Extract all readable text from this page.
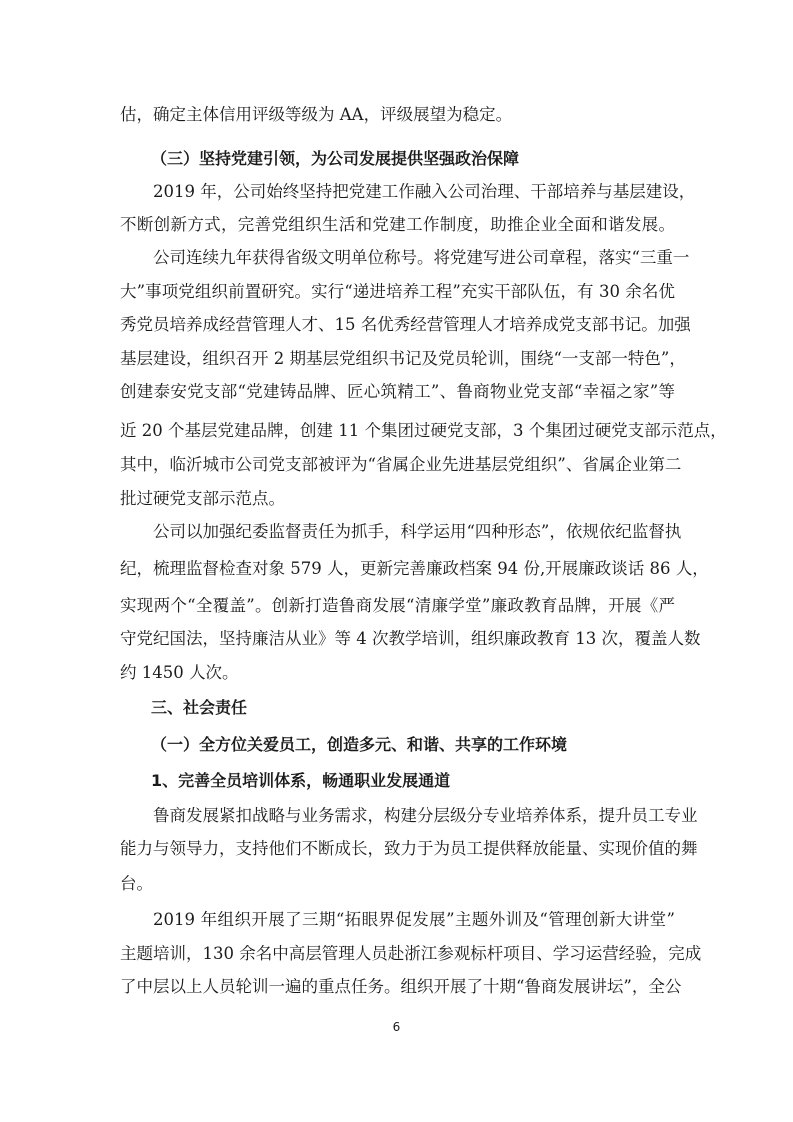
估，确定主体信用评级等级为 AA，评级展望为稳定。
（三）坚持党建引领，为公司发展提供坚强政治保障
2019 年，公司始终坚持把党建工作融入公司治理、干部培养与基层建设，
不断创新方式，完善党组织生活和党建工作制度，助推企业全面和谐发展。
公司连续九年获得省级文明单位称号。将党建写进公司章程，落实“三重一
大”事项党组织前置研究。实行“递进培养工程”充实干部队伍，有 30 余名优
秀党员培养成经营管理人才、15 名优秀经营管理人才培养成党支部书记。加强
基层建设，组织召开 2 期基层党组织书记及党员轮训，围绕“一支部一特色”，
创建泰安党支部“党建铸品牌、匠心筑精工”、鲁商物业党支部“幸福之家”等
近 20 个基层党建品牌，创建 11 个集团过硬党支部，3 个集团过硬党支部示范点，
其中，临沂城市公司党支部被评为“省属企业先进基层党组织”、省属企业第二
批过硬党支部示范点。
公司以加强纪委监督责任为抓手，科学运用“四种形态”，依规依纪监督执
纪，梳理监督检查对象 579 人，更新完善廉政档案 94 份,开展廉政谈话 86 人，
实现两个“全覆盖”。创新打造鲁商发展“清廉学堂”廉政教育品牌，开展《严
守党纪国法，坚持廉洁从业》等 4 次教学培训，组织廉政教育 13 次，覆盖人数
约 1450 人次。
三、社会责任
（一）全方位关爱员工，创造多元、和谐、共享的工作环境
1、完善全员培训体系，畅通职业发展通道
鲁商发展紧扣战略与业务需求，构建分层级分专业培养体系，提升员工专业
能力与领导力，支持他们不断成长，致力于为员工提供释放能量、实现价值的舞
台。
2019 年组织开展了三期“拓眼界促发展”主题外训及“管理创新大讲堂”
主题培训，130 余名中高层管理人员赴浙江参观标杆项目、学习运营经验，完成
了中层以上人员轮训一遍的重点任务。组织开展了十期“鲁商发展讲坛”，全公
6
